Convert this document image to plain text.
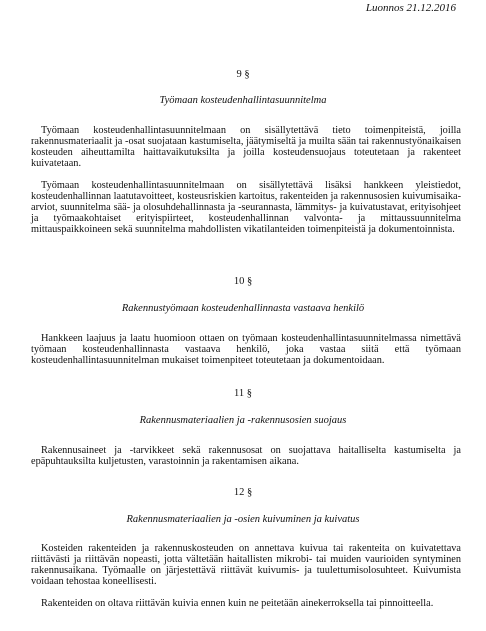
Luonnos 21.12.2016
9 §
Työmaan kosteudenhallintasuunnitelma

Työmaan kosteudenhallintasuunnitelmaan on sisällytettävä tieto toimenpiteistä, joilla rakennusmateriaalit ja -osat suojataan kastumiselta, jäätymiseltä ja muilta sään tai rakennustyönaikaisen kosteuden aiheuttamilta haittavaikutuksilta ja joilla kosteudensuojaus toteutetaan ja rakenteet kuivatetaan.

Työmaan kosteudenhallintasuunnitelmaan on sisällytettävä lisäksi hankkeen yleistiedot, kosteudenhallinnan laatutavoitteet, kosteusriskien kartoitus, rakenteiden ja rakennusosien kuivumisaika-arviot, suunnitelma sää- ja olosuhdehallinnasta ja -seurannasta, lämmitys- ja kuivatustavat, erityisohjeet ja työmaakohtaiset erityispiirteet, kosteudenhallinnan valvonta- ja mittaussuunnitelma mittauspaikkoineen sekä suunnitelma mahdollisten vikatilanteiden toimenpiteistä ja dokumentoinnista.

10 §
Rakennustyömaan kosteudenhallinnasta vastaava henkilö

Hankkeen laajuus ja laatu huomioon ottaen on työmaan kosteudenhallintasuunnitelmassa nimettävä työmaan kosteudenhallinnasta vastaava henkilö, joka vastaa siitä että työmaan kosteudenhallintasuunnitelman mukaiset toimenpiteet toteutetaan ja dokumentoidaan.

11 §
Rakennusmateriaalien ja -rakennusosien suojaus

Rakennusaineet ja -tarvikkeet sekä rakennusosat on suojattava haitalliselta kastumiselta ja epäpuhtauksilta kuljetusten, varastoinnin ja rakentamisen aikana.

12 §
Rakennusmateriaalien ja -osien kuivuminen ja kuivatus

Kosteiden rakenteiden ja rakennuskosteuden on annettava kuivua tai rakenteita on kuivatettava riittävästi ja riittävän nopeasti, jotta vältetään haitallisten mikrobi- tai muiden vaurioiden syntyminen rakennusaikana. Työmaalle on järjestettävä riittävät kuivumis- ja tuulettumisolosuhteet. Kuivumista voidaan tehostaa koneellisesti.

Rakenteiden on oltava riittävän kuivia ennen kuin ne peitetään ainekerroksella tai pinnoitteella.
